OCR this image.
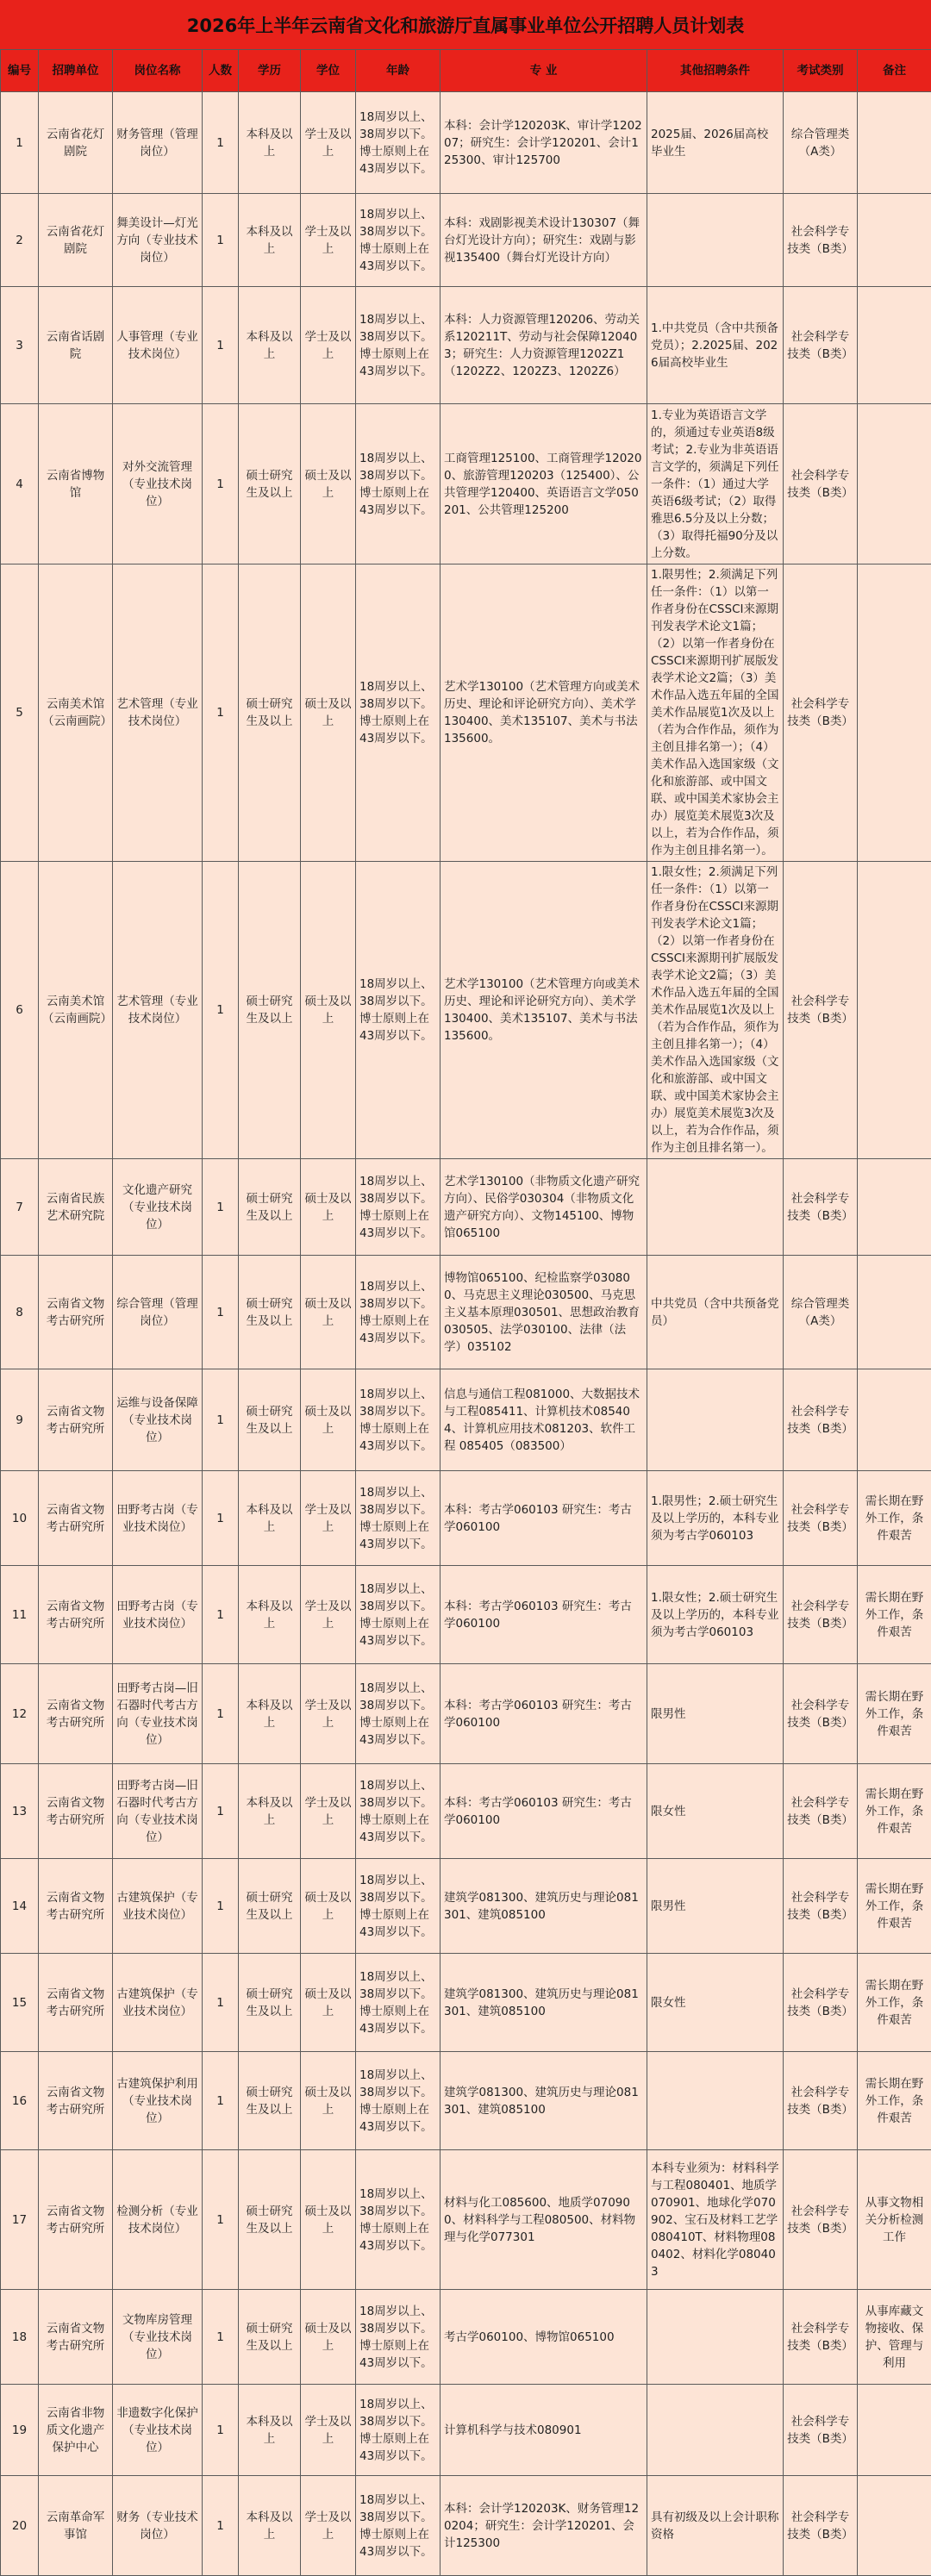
2026年上半年云南省文化和旅游厅直属事业单位公开招聘人员计划表
编号	招聘单位	岗位名称	人数	学历	学位	年龄	专 业	其他招聘条件	考试类别	备注
1	云南省花灯剧院	财务管理（管理岗位）	1	本科及以上	学士及以上	18周岁以上、38周岁以下。博士原则上在43周岁以下。	本科：会计学120203K、审计学120207；研究生：会计学120201、会计125300、审计125700	2025届、2026届高校毕业生	综合管理类（A类）	
2	云南省花灯剧院	舞美设计—灯光方向（专业技术岗位）	1	本科及以上	学士及以上	18周岁以上、38周岁以下。博士原则上在43周岁以下。	本科：戏剧影视美术设计130307（舞台灯光设计方向）；研究生：戏剧与影视135400（舞台灯光设计方向）		社会科学专技类（B类）	
3	云南省话剧院	人事管理（专业技术岗位）	1	本科及以上	学士及以上	18周岁以上、38周岁以下。博士原则上在43周岁以下。	本科：人力资源管理120206、劳动关系120211T、劳动与社会保障120403；研究生：人力资源管理1202Z1（1202Z2、1202Z3、1202Z6）	1.中共党员（含中共预备党员）；2.2025届、2026届高校毕业生	社会科学专技类（B类）	
4	云南省博物馆	对外交流管理（专业技术岗位）	1	硕士研究生及以上	硕士及以上	18周岁以上、38周岁以下。博士原则上在43周岁以下。	工商管理125100、工商管理学120200、旅游管理120203（125400）、公共管理学120400、英语语言文学050201、公共管理125200	1.专业为英语语言文学的，须通过专业英语8级考试；2.专业为非英语语言文学的，须满足下列任一条件：（1）通过大学英语6级考试；（2）取得雅思6.5分及以上分数；（3）取得托福90分及以上分数。	社会科学专技类（B类）	
5	云南美术馆（云南画院）	艺术管理（专业技术岗位）	1	硕士研究生及以上	硕士及以上	18周岁以上、38周岁以下。博士原则上在43周岁以下。	艺术学130100（艺术管理方向或美术历史、理论和评论研究方向）、美术学130400、美术135107、美术与书法135600。	1.限男性；2.须满足下列任一条件：（1）以第一作者身份在CSSCI来源期刊发表学术论文1篇；（2）以第一作者身份在CSSCI来源期刊扩展版发表学术论文2篇；（3）美术作品入选五年届的全国美术作品展览1次及以上（若为合作作品，须作为主创且排名第一）；（4）美术作品入选国家级（文化和旅游部、或中国文联、或中国美术家协会主办）展览美术展览3次及以上，若为合作作品，须作为主创且排名第一）。	社会科学专技类（B类）	
6	云南美术馆（云南画院）	艺术管理（专业技术岗位）	1	硕士研究生及以上	硕士及以上	18周岁以上、38周岁以下。博士原则上在43周岁以下。	艺术学130100（艺术管理方向或美术历史、理论和评论研究方向）、美术学130400、美术135107、美术与书法135600。	1.限女性；2.须满足下列任一条件：（1）以第一作者身份在CSSCI来源期刊发表学术论文1篇；（2）以第一作者身份在CSSCI来源期刊扩展版发表学术论文2篇；（3）美术作品入选五年届的全国美术作品展览1次及以上（若为合作作品，须作为主创且排名第一）；（4）美术作品入选国家级（文化和旅游部、或中国文联、或中国美术家协会主办）展览美术展览3次及以上，若为合作作品，须作为主创且排名第一）。	社会科学专技类（B类）	
7	云南省民族艺术研究院	文化遗产研究（专业技术岗位）	1	硕士研究生及以上	硕士及以上	18周岁以上、38周岁以下。博士原则上在43周岁以下。	艺术学130100（非物质文化遗产研究方向）、民俗学030304（非物质文化遗产研究方向）、文物145100、博物馆065100		社会科学专技类（B类）	
8	云南省文物考古研究所	综合管理（管理岗位）	1	硕士研究生及以上	硕士及以上	18周岁以上、38周岁以下。博士原则上在43周岁以下。	博物馆065100、纪检监察学030800、马克思主义理论030500、马克思主义基本原理030501、思想政治教育030505、法学030100、法律（法学）035102	中共党员（含中共预备党员）	综合管理类（A类）	
9	云南省文物考古研究所	运维与设备保障（专业技术岗位）	1	硕士研究生及以上	硕士及以上	18周岁以上、38周岁以下。博士原则上在43周岁以下。	信息与通信工程081000、大数据技术与工程085411、计算机技术085404、计算机应用技术081203、软件工程 085405（083500）		社会科学专技类（B类）	
10	云南省文物考古研究所	田野考古岗（专业技术岗位）	1	本科及以上	学士及以上	18周岁以上、38周岁以下。博士原则上在43周岁以下。	本科：考古学060103 研究生：考古学060100	1.限男性；2.硕士研究生及以上学历的，本科专业须为考古学060103	社会科学专技类（B类）	需长期在野外工作，条件艰苦
11	云南省文物考古研究所	田野考古岗（专业技术岗位）	1	本科及以上	学士及以上	18周岁以上、38周岁以下。博士原则上在43周岁以下。	本科：考古学060103 研究生：考古学060100	1.限女性；2.硕士研究生及以上学历的，本科专业须为考古学060103	社会科学专技类（B类）	需长期在野外工作，条件艰苦
12	云南省文物考古研究所	田野考古岗—旧石器时代考古方向（专业技术岗位）	1	本科及以上	学士及以上	18周岁以上、38周岁以下。博士原则上在43周岁以下。	本科：考古学060103 研究生：考古学060100	限男性	社会科学专技类（B类）	需长期在野外工作，条件艰苦
13	云南省文物考古研究所	田野考古岗—旧石器时代考古方向（专业技术岗位）	1	本科及以上	学士及以上	18周岁以上、38周岁以下。博士原则上在43周岁以下。	本科：考古学060103 研究生：考古学060100	限女性	社会科学专技类（B类）	需长期在野外工作，条件艰苦
14	云南省文物考古研究所	古建筑保护（专业技术岗位）	1	硕士研究生及以上	硕士及以上	18周岁以上、38周岁以下。博士原则上在43周岁以下。	建筑学081300、建筑历史与理论081301、建筑085100	限男性	社会科学专技类（B类）	需长期在野外工作，条件艰苦
15	云南省文物考古研究所	古建筑保护（专业技术岗位）	1	硕士研究生及以上	硕士及以上	18周岁以上、38周岁以下。博士原则上在43周岁以下。	建筑学081300、建筑历史与理论081301、建筑085100	限女性	社会科学专技类（B类）	需长期在野外工作，条件艰苦
16	云南省文物考古研究所	古建筑保护利用（专业技术岗位）	1	硕士研究生及以上	硕士及以上	18周岁以上、38周岁以下。博士原则上在43周岁以下。	建筑学081300、建筑历史与理论081301、建筑085100		社会科学专技类（B类）	需长期在野外工作，条件艰苦
17	云南省文物考古研究所	检测分析（专业技术岗位）	1	硕士研究生及以上	硕士及以上	18周岁以上、38周岁以下。博士原则上在43周岁以下。	材料与化工085600、地质学070900、材料科学与工程080500、材料物理与化学077301	本科专业须为：材料科学与工程080401、地质学070901、地球化学070902、宝石及材料工艺学080410T、材料物理080402、材料化学080403	社会科学专技类（B类）	从事文物相关分析检测工作
18	云南省文物考古研究所	文物库房管理（专业技术岗位）	1	硕士研究生及以上	硕士及以上	18周岁以上、38周岁以下。博士原则上在43周岁以下。	考古学060100、博物馆065100		社会科学专技类（B类）	从事库藏文物接收、保护、管理与利用
19	云南省非物质文化遗产保护中心	非遗数字化保护（专业技术岗位）	1	本科及以上	学士及以上	18周岁以上、38周岁以下。博士原则上在43周岁以下。	计算机科学与技术080901		社会科学专技类（B类）	
20	云南革命军事馆	财务（专业技术岗位）	1	本科及以上	学士及以上	18周岁以上、38周岁以下。博士原则上在43周岁以下。	本科：会计学120203K、财务管理120204；研究生：会计学120201、会计125300	具有初级及以上会计职称资格	社会科学专技类（B类）	
